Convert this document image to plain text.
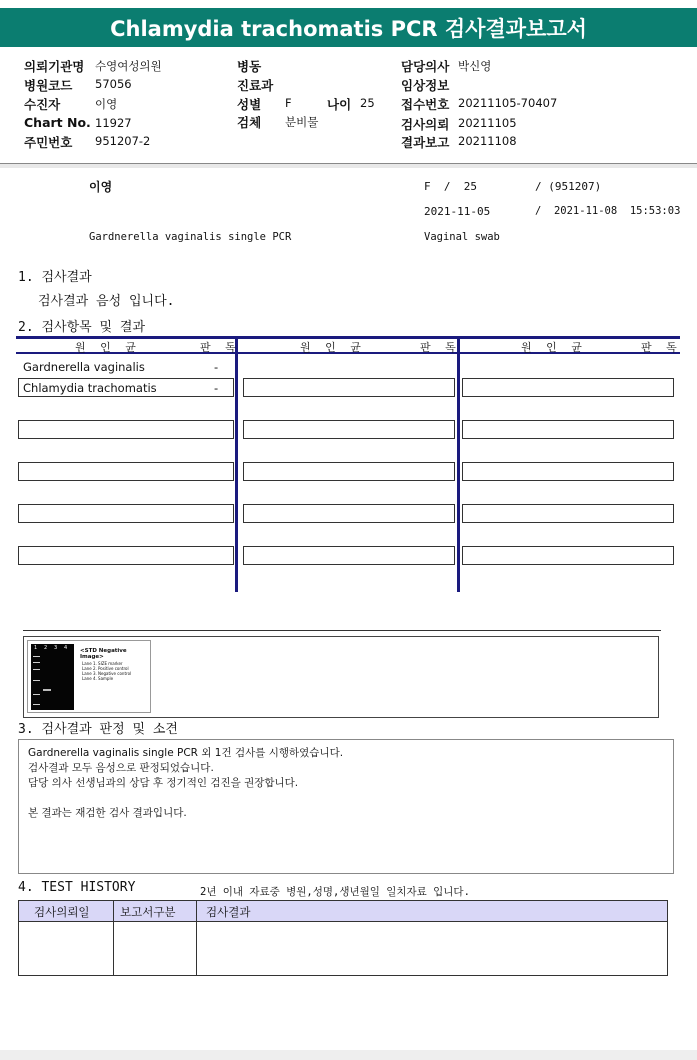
Chlamydia trachomatis PCR 검사결과보고서
의뢰기관명 수영여성의원
병원코드 57056
수진자	이영
Chart No. 11927
주민번호 951207-2
병동
진료과
성별 F	나이 25
검체 분비물
담당의사 박신영
임상정보
접수번호 20211105-70407
검사의뢰 20211105
결과보고 20211108
이영	F  /  25	/ (951207)
2021-11-05	/  2021-11-08  15:53:03
Gardnerella vaginalis single PCR	Vaginal swab
1. 검사결과
검사결과 음성 입니다.
2. 검사항목 및 결과
원 인 균	판 독	원 인 균	판 독	원 인 균	판 독
Gardnerella vaginalis	-
Chlamydia trachomatis	-
1 2 3 4 <STD Negative Image>
Lane 1. SIZE marker
Lane 2. Positive control
Lane 3. Negative control
Lane 4. Sample
3. 검사결과 판정 및 소견
Gardnerella vaginalis single PCR 외 1건 검사를 시행하였습니다.
검사결과 모두 음성으로 판정되었습니다.
담당 의사 선생님과의 상담 후 정기적인 검진을 권장합니다.
본 결과는 재검한 검사 결과입니다.
4. TEST HISTORY	2년 이내 자료중 병원,성명,생년월일 일치자료 입니다.
검사의뢰일	보고서구분	검사결과
